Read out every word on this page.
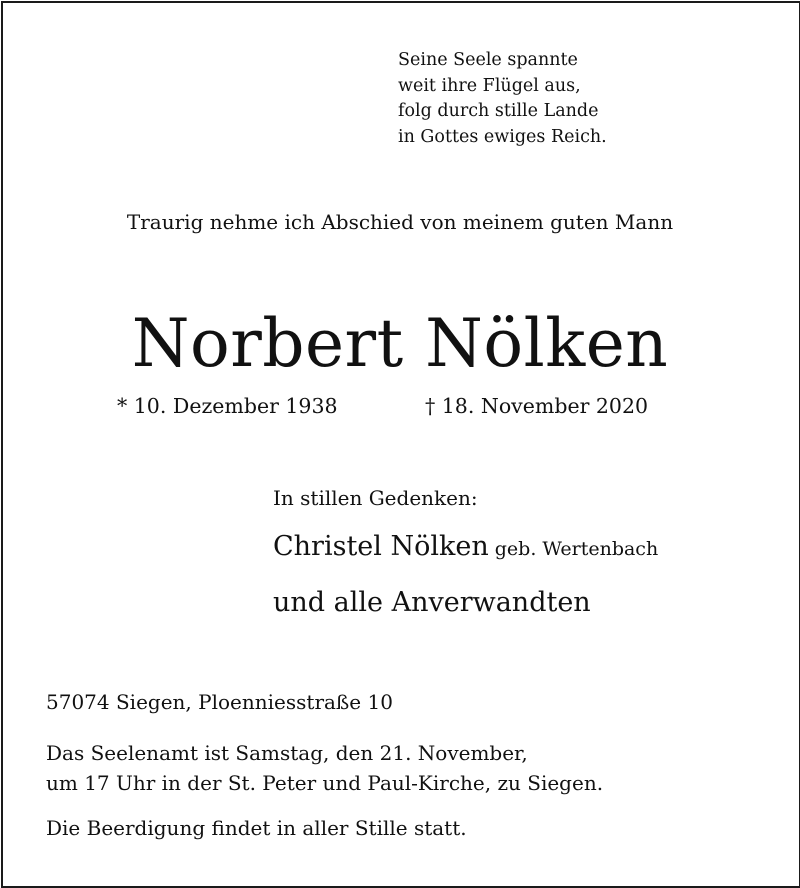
Seine Seele spannte
weit ihre Flügel aus,
folg durch stille Lande
in Gottes ewiges Reich.
Traurig nehme ich Abschied von meinem guten Mann
Norbert Nölken
* 10. Dezember 1938	† 18. November 2020
In stillen Gedenken:
Christel Nölken geb. Wertenbach
und alle Anverwandten
57074 Siegen, Ploenniesstraße 10
Das Seelenamt ist Samstag, den 21. November,
um 17 Uhr in der St. Peter und Paul-Kirche, zu Siegen.
Die Beerdigung findet in aller Stille statt.
